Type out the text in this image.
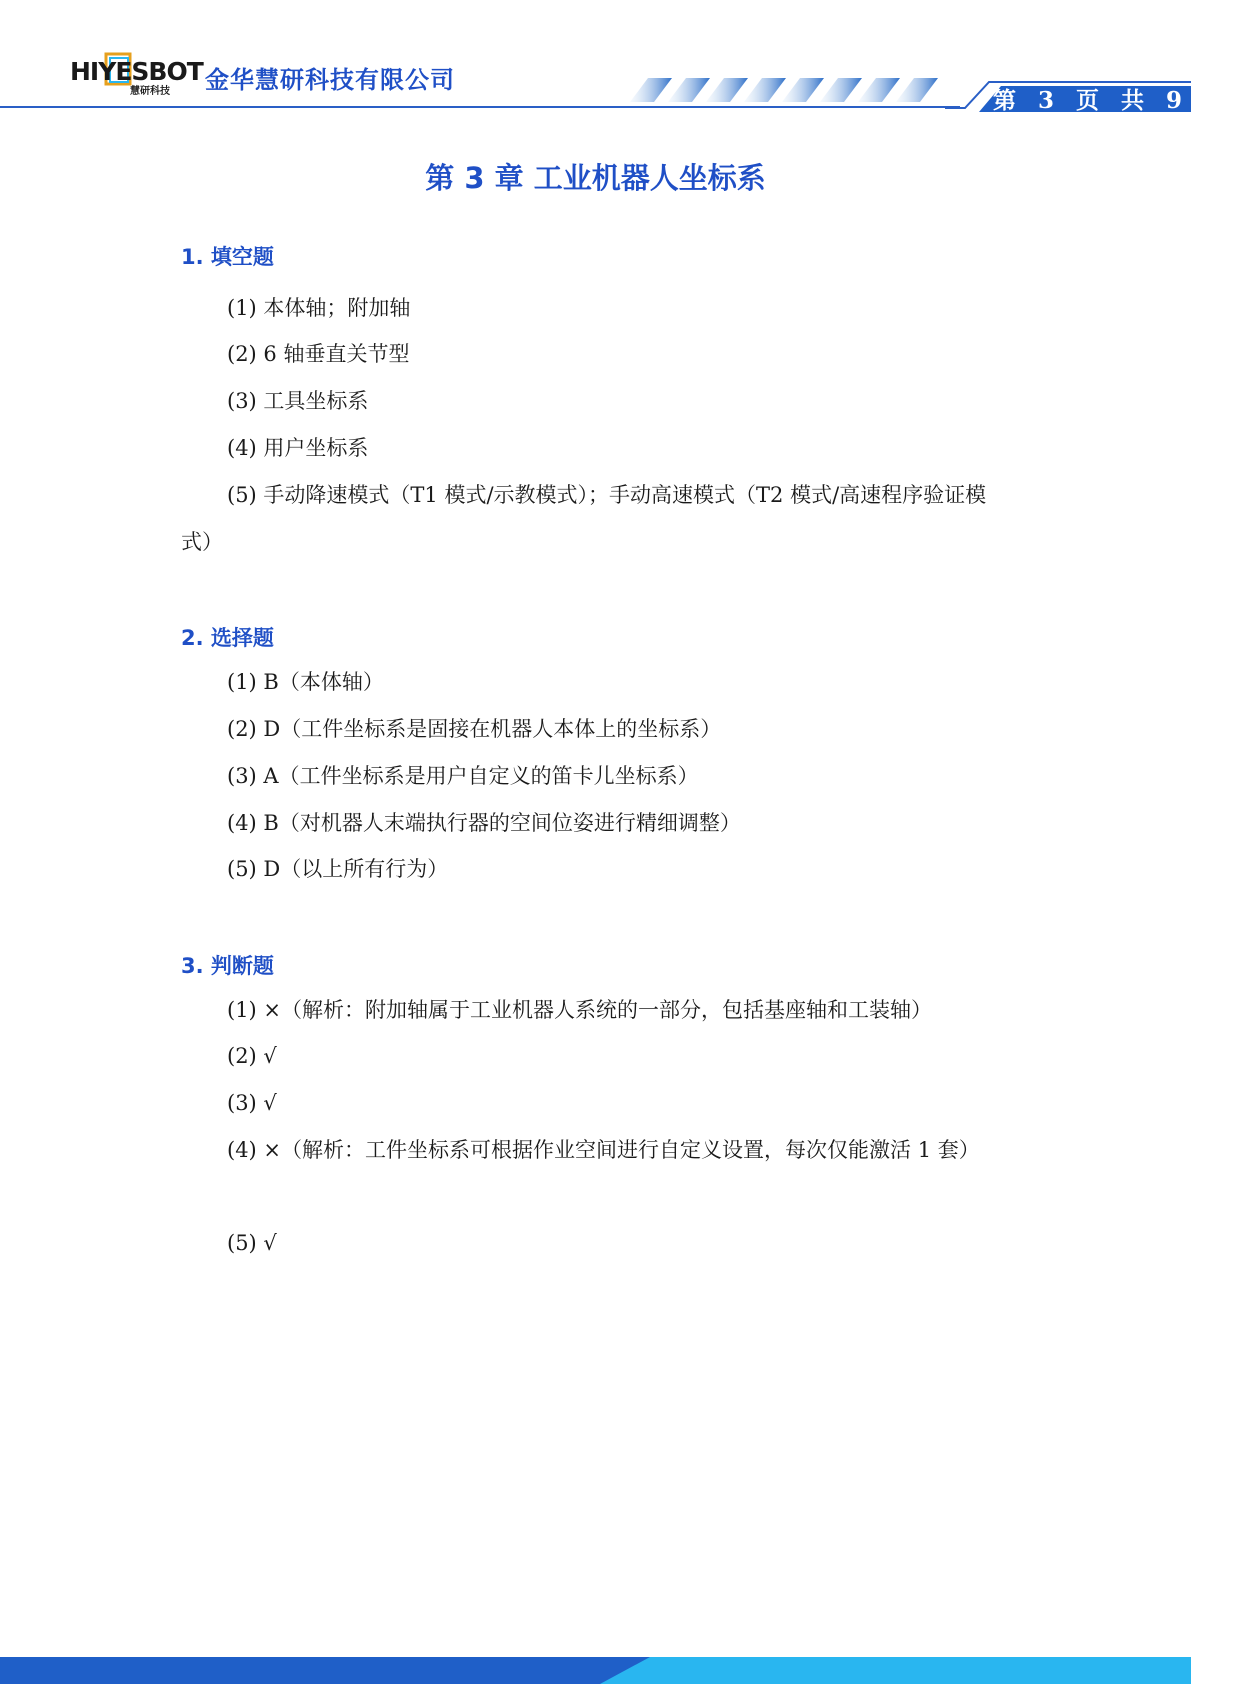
HIYESBOT
慧研科技 金华慧研科技有限公司
第 3 页 共 9 页
第 3 章 工业机器人坐标系
1. 填空题
(1) 本体轴；附加轴
(2) 6 轴垂直关节型
(3) 工具坐标系
(4) 用户坐标系
(5) 手动降速模式（T1 模式/示教模式）；手动高速模式（T2 模式/高速程序验证模式）
2. 选择题
(1) B（本体轴）
(2) D（工件坐标系是固接在机器人本体上的坐标系）
(3) A（工件坐标系是用户自定义的笛卡儿坐标系）
(4) B（对机器人末端执行器的空间位姿进行精细调整）
(5) D（以上所有行为）
3. 判断题
(1) ×（解析：附加轴属于工业机器人系统的一部分，包括基座轴和工装轴）
(2) √
(3) √
(4) ×（解析：工件坐标系可根据作业空间进行自定义设置，每次仅能激活 1 套）
(5) √
